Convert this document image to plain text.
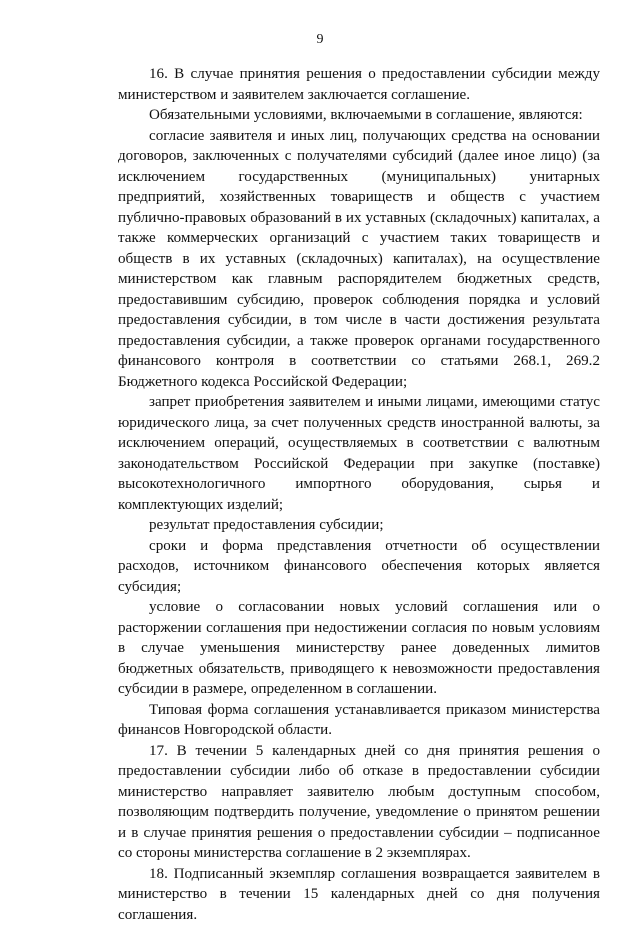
9

16. В случае принятия решения о предоставлении субсидии между министерством и заявителем заключается соглашение.

Обязательными условиями, включаемыми в соглашение, являются:

согласие заявителя и иных лиц, получающих средства на основании договоров, заключенных с получателями субсидий (далее иное лицо) (за исключением государственных (муниципальных) унитарных предприятий, хозяйственных товариществ и обществ с участием публично-правовых образований в их уставных (складочных) капиталах, а также коммерческих организаций с участием таких товариществ и обществ в их уставных (складочных) капиталах), на осуществление министерством как главным распорядителем бюджетных средств, предоставившим субсидию, проверок соблюдения порядка и условий предоставления субсидии, в том числе в части достижения результата предоставления субсидии, а также проверок органами государственного финансового контроля в соответствии со статьями 268.1, 269.2 Бюджетного кодекса Российской Федерации;

запрет приобретения заявителем и иными лицами, имеющими статус юридического лица, за счет полученных средств иностранной валюты, за исключением операций, осуществляемых в соответствии с валютным законодательством Российской Федерации при закупке (поставке) высокотехнологичного импортного оборудования, сырья и комплектующих изделий;

результат предоставления субсидии;

сроки и форма представления отчетности об осуществлении расходов, источником финансового обеспечения которых является субсидия;

условие о согласовании новых условий соглашения или о расторжении соглашения при недостижении согласия по новым условиям в случае уменьшения министерству ранее доведенных лимитов бюджетных обязательств, приводящего к невозможности предоставления субсидии в размере, определенном в соглашении.

Типовая форма соглашения устанавливается приказом министерства финансов Новгородской области.

17. В течении 5 календарных дней со дня принятия решения о предоставлении субсидии либо об отказе в предоставлении субсидии министерство направляет заявителю любым доступным способом, позволяющим подтвердить получение, уведомление о принятом решении и в случае принятия решения о предоставлении субсидии – подписанное со стороны министерства соглашение в 2 экземплярах.

18. Подписанный экземпляр соглашения возвращается заявителем в министерство в течении 15 календарных дней со дня получения соглашения.
